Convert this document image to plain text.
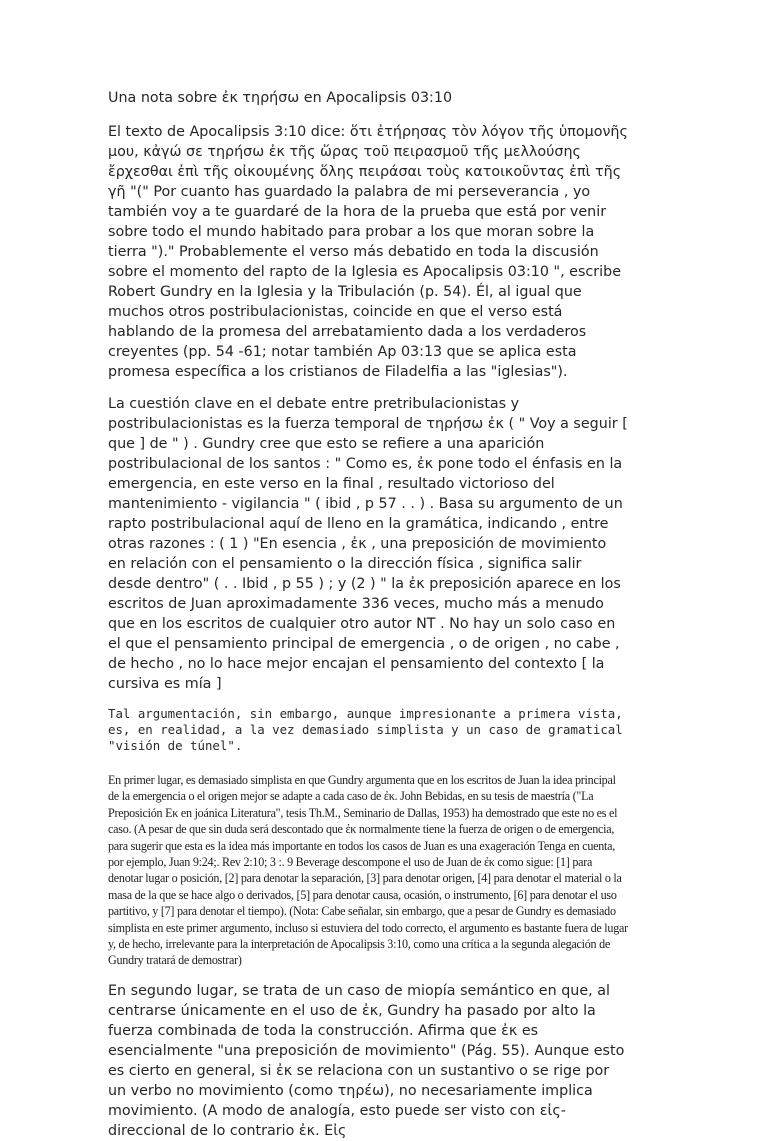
Una nota sobre ἐκ τηρήσω en Apocalipsis 03:10

El texto de Apocalipsis 3:10 dice: ὅτι ἐτήρησας τὸν λόγον τῆς ὑπομονῆς μου, κἀγώ σε τηρήσω ἐκ τῆς ὥρας τοῦ πειρασμοῦ τῆς μελλούσης ἔρχεσθαι ἐπὶ τῆς οἰκουμένης ὅλης πειράσαι τοὺς κατοικοῦντας ἐπὶ τῆς γῆ "(" Por cuanto has guardado la palabra de mi perseverancia , yo también voy a te guardaré de la hora de la prueba que está por venir sobre todo el mundo habitado para probar a los que moran sobre la tierra ")." Probablemente el verso más debatido en toda la discusión sobre el momento del rapto de la Iglesia es Apocalipsis 03:10 ", escribe Robert Gundry en la Iglesia y la Tribulación (p. 54). Él, al igual que muchos otros postribulacionistas, coincide en que el verso está hablando de la promesa del arrebatamiento dada a los verdaderos creyentes (pp. 54 -61; notar también Ap 03:13 que se aplica esta promesa específica a los cristianos de Filadelfia a las "iglesias").

La cuestión clave en el debate entre pretribulacionistas y postribulacionistas es la fuerza temporal de τηρήσω ἐκ ( " Voy a seguir [ que ] de " ) . Gundry cree que esto se refiere a una aparición postribulacional de los santos : " Como es, ἐκ pone todo el énfasis en la emergencia, en este verso en la final , resultado victorioso del mantenimiento - vigilancia " ( ibid , p 57 . . ) . Basa su argumento de un rapto postribulacional aquí de lleno en la gramática, indicando , entre otras razones : ( 1 ) "En esencia , ἐκ , una preposición de movimiento en relación con el pensamiento o la dirección física , significa salir desde dentro" ( . . Ibid , p 55 ) ; y (2 ) " la ἐκ preposición aparece en los escritos de Juan aproximadamente 336 veces, mucho más a menudo que en los escritos de cualquier otro autor NT . No hay un solo caso en el que el pensamiento principal de emergencia , o de origen , no cabe , de hecho , no lo hace mejor encajan el pensamiento del contexto [ la cursiva es mía ]

Tal argumentación, sin embargo, aunque impresionante a primera vista, es, en realidad, a la vez demasiado simplista y un caso de gramatical "visión de túnel".

En primer lugar, es demasiado simplista en que Gundry argumenta que en los escritos de Juan la idea principal de la emergencia o el origen mejor se adapte a cada caso de ἐκ. John Bebidas, en su tesis de maestría ("La Preposición Eκ en joánica Literatura", tesis Th.M., Seminario de Dallas, 1953) ha demostrado que este no es el caso. (A pesar de que sin duda será descontado que ἐκ normalmente tiene la fuerza de origen o de emergencia, para sugerir que esta es la idea más importante en todos los casos de Juan es una exageración Tenga en cuenta, por ejemplo, Juan 9:24;. Rev 2:10; 3 :. 9 Beverage descompone el uso de Juan de ἐκ como sigue: [1] para denotar lugar o posición, [2] para denotar la separación, [3] para denotar origen, [4] para denotar el material o la masa de la que se hace algo o derivados, [5] para denotar causa, ocasión, o instrumento, [6] para denotar el uso partitivo, y [7] para denotar el tiempo). (Nota: Cabe señalar, sin embargo, que a pesar de Gundry es demasiado simplista en este primer argumento, incluso si estuviera del todo correcto, el argumento es bastante fuera de lugar y, de hecho, irrelevante para la interpretación de Apocalipsis 3:10, como una crítica a la segunda alegación de Gundry tratará de demostrar)

En segundo lugar, se trata de un caso de miopía semántico en que, al centrarse únicamente en el uso de ἐκ, Gundry ha pasado por alto la fuerza combinada de toda la construcción. Afirma que ἐκ es esencialmente "una preposición de movimiento" (Pág. 55). Aunque esto es cierto en general, si ἐκ se relaciona con un sustantivo o se rige por un verbo no movimiento (como τηρέω), no necesariamente implica movimiento. (A modo de analogía, esto puede ser visto con εἰς-direccional de lo contrario ἐκ. Εἰς
